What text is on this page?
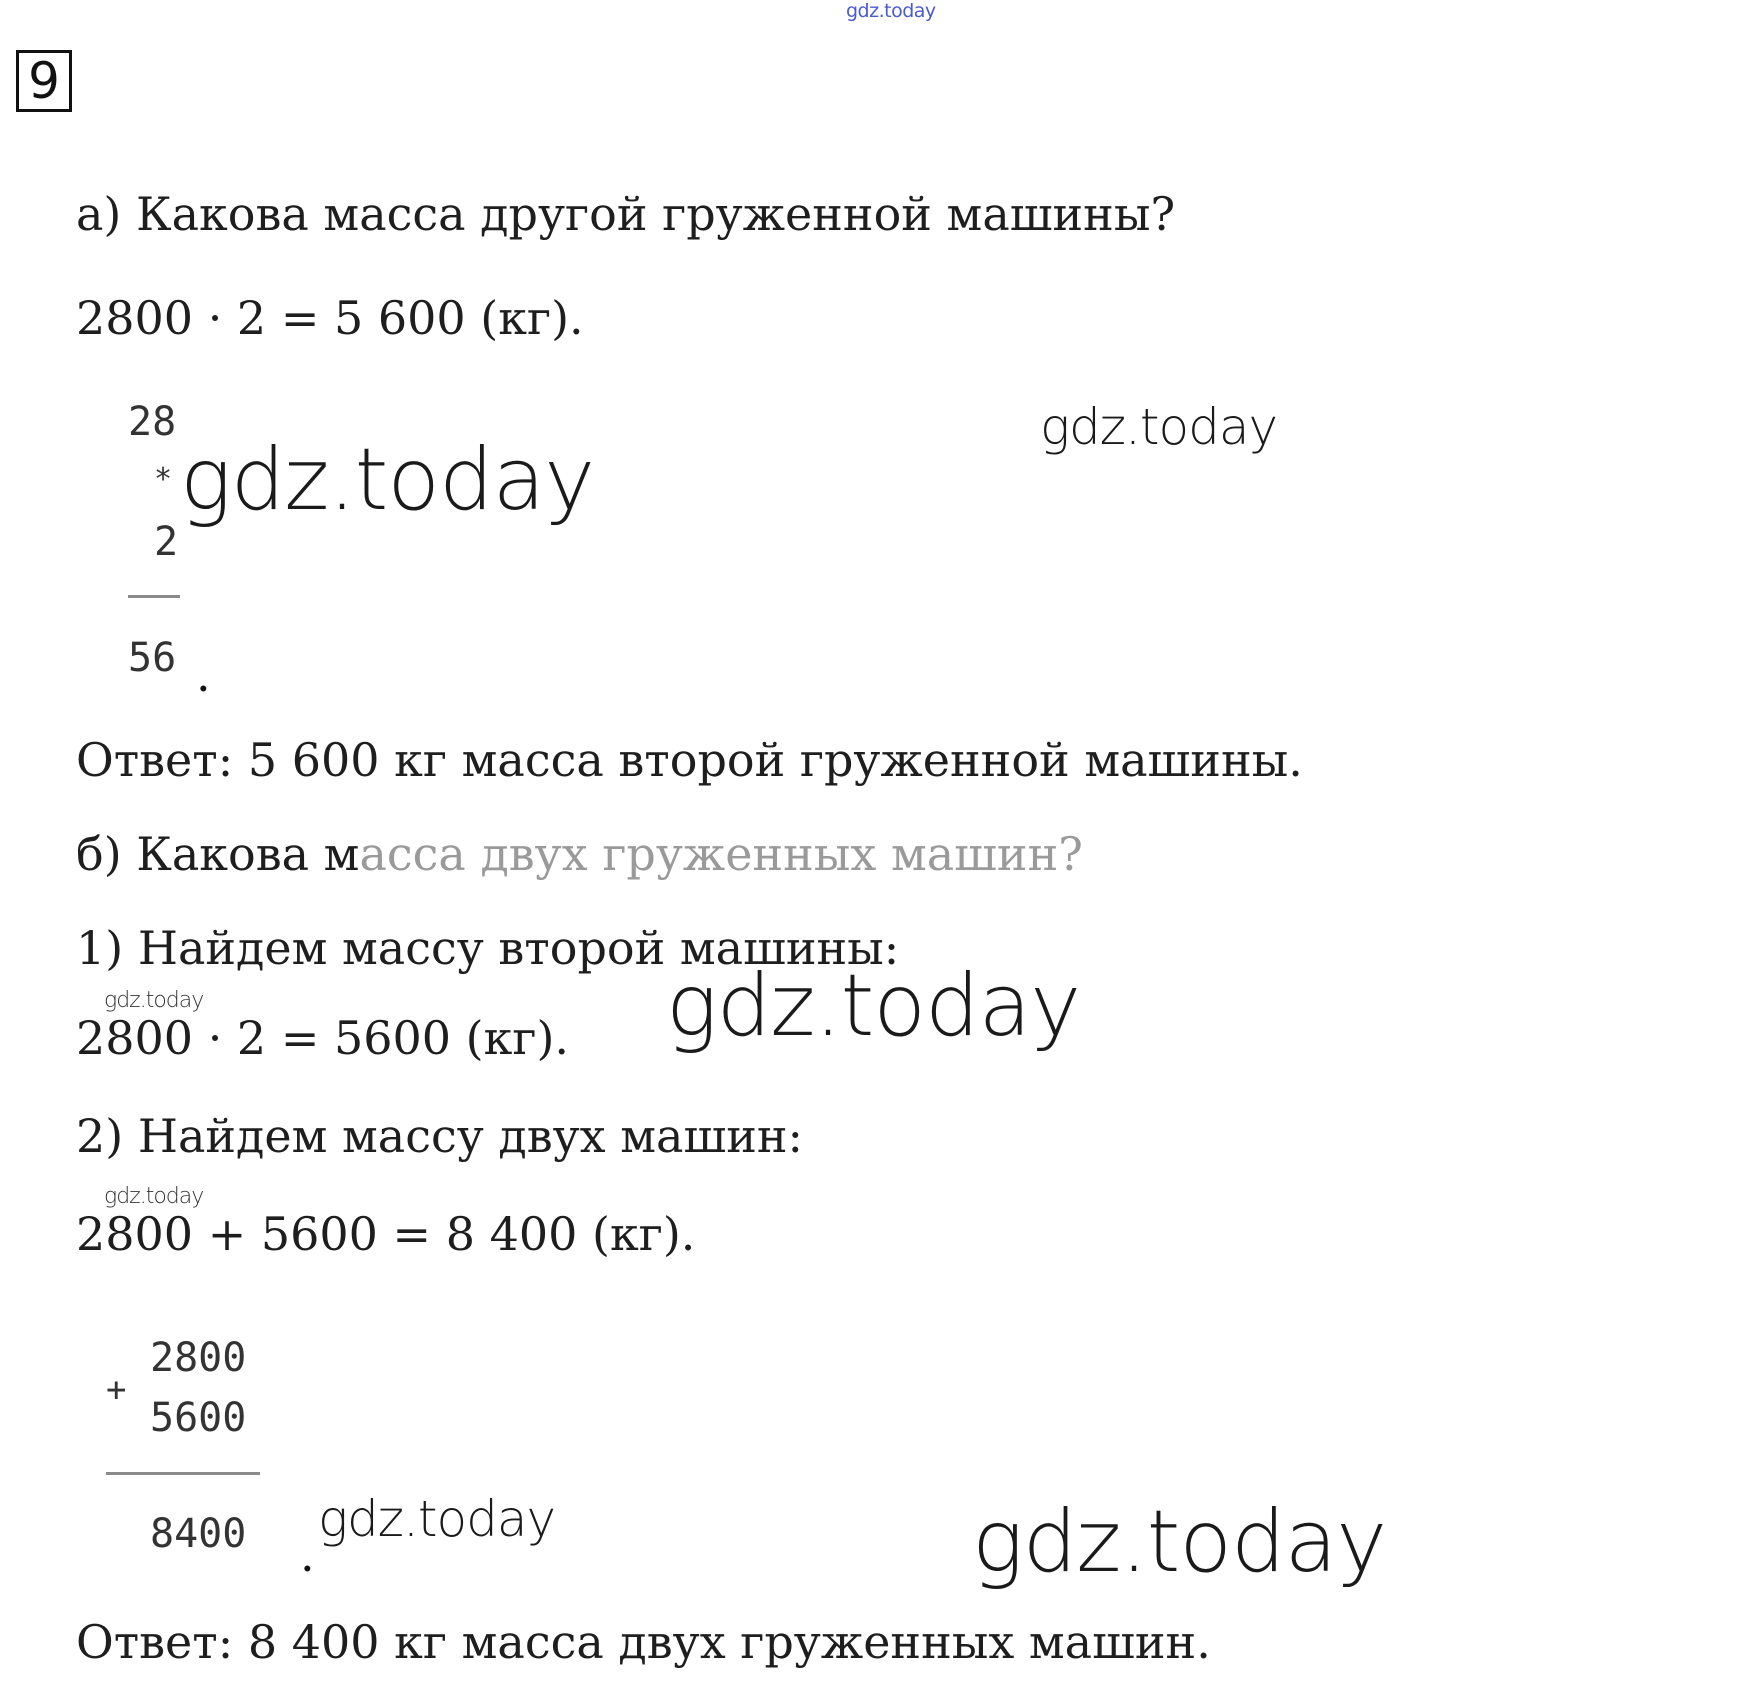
gdz.today
9
а) Какова масса другой груженной машины?
2800 · 2 = 5 600 (кг).
28
*
2
56 .
gdz.today
gdz.today
Ответ: 5 600 кг масса второй груженной машины.
б) Какова масса двух груженных машин?
1) Найдем массу второй машины:
gdz.today
2800 · 2 = 5600 (кг). gdz.today
2) Найдем массу двух машин:
gdz.today
2800 + 5600 = 8 400 (кг).
+
2800
5600
8400 .
gdz.today	gdz.today
Ответ: 8 400 кг масса двух груженных машин.
